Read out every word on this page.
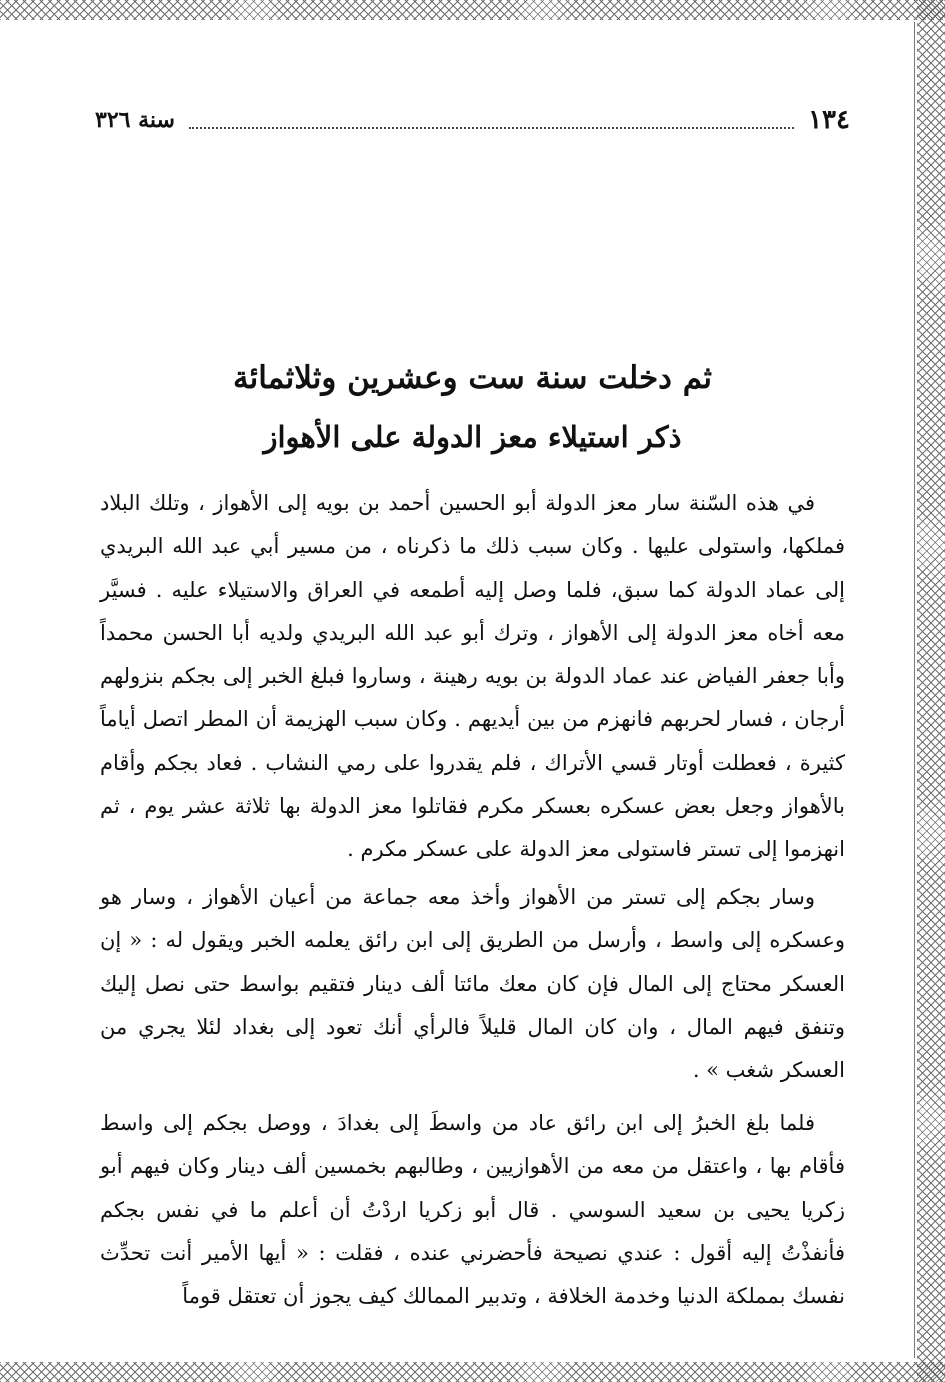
١٣٤
سنة ٣٢٦
ثم دخلت سنة ست وعشرين وثلاثمائة
ذكر استيلاء معز الدولة على الأهواز

في هذه السّنة سار معز الدولة أبو الحسين أحمد بن بويه إلى الأهواز ، وتلك البلاد فملكها، واستولى عليها . وكان سبب ذلك ما ذكرناه ، من مسير أبي عبد الله البريدي إلى عماد الدولة كما سبق، فلما وصل إليه أطمعه في العراق والاستيلاء عليه . فسيَّر معه أخاه معز الدولة إلى الأهواز ، وترك أبو عبد الله البريدي ولديه أبا الحسن محمداً وأبا جعفر الفياض عند عماد الدولة بن بويه رهينة ، وساروا فبلغ الخبر إلى بجكم بنزولهم أرجان ، فسار لحربهم فانهزم من بين أيديهم . وكان سبب الهزيمة أن المطر اتصل أياماً كثيرة ، فعطلت أوتار قسي الأتراك ، فلم يقدروا على رمي النشاب . فعاد بجكم وأقام بالأهواز وجعل بعض عسكره بعسكر مكرم فقاتلوا معز الدولة بها ثلاثة عشر يوم ، ثم انهزموا إلى تستر فاستولى معز الدولة على عسكر مكرم .

وسار بجكم إلى تستر من الأهواز وأخذ معه جماعة من أعيان الأهواز ، وسار هو وعسكره إلى واسط ، وأرسل من الطريق إلى ابن رائق يعلمه الخبر ويقول له : « إن العسكر محتاج إلى المال فإن كان معك مائتا ألف دينار فتقيم بواسط حتى نصل إليك وتنفق فيهم المال ، وان كان المال قليلاً فالرأي أنك تعود إلى بغداد لئلا يجري من العسكر شغب » .

فلما بلغ الخبرُ إلى ابن رائق عاد من واسطَ إلى بغدادَ ، ووصل بجكم إلى واسط فأقام بها ، واعتقل من معه من الأهوازيين ، وطالبهم بخمسين ألف دينار وكان فيهم أبو زكريا يحيى بن سعيد السوسي . قال أبو زكريا اردْتُ أن أعلم ما في نفس بجكم فأنفذْتُ إليه أقول : عندي نصيحة فأحضرني عنده ، فقلت : « أيها الأمير أنت تحدِّث نفسك بمملكة الدنيا وخدمة الخلافة ، وتدبير الممالك كيف يجوز أن تعتقل قوماً
